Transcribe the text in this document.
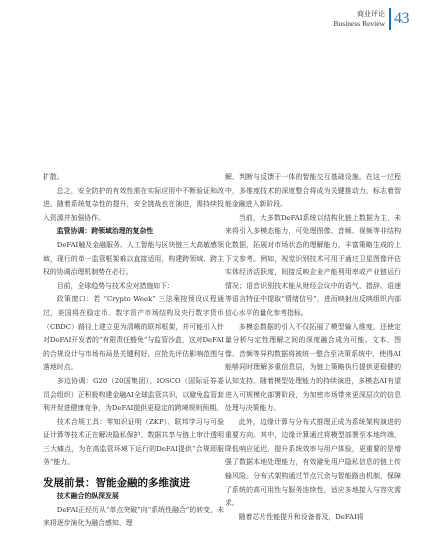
商业评论
Business Review 43

扩散。

总之，安全防护的有效性需在实际应用中不断验证和改进。随着系统复杂性的提升，安全挑战也在演进，需持续投入资源并加强协作。

监管协调：跨领域治理的复杂性

DeFAI触及金融服务、人工智能与区块链三大高敏感领域，现行的单一监管框架难以直接适用，构建跨领域、跨主权的协调治理机制势在必行。

目前，全球趋势与技术应对措施如下：

政策窗口：若 “Crypto Week” 三法案按预设议程通过，美国将在稳定币、数字资产市场结构及央行数字货币（CBDC）路径上建立更为清晰的联邦框架，并可能引入针对DeFAI开发者的“有限责任豁免”与监管沙盒，这对DeFAI的合规设计与市场布局是关键利好，应抢先评估影响范围与落地时点。

多边协调：G20（20国集团）、IOSCO（国际证券委员会组织）正积极构建金融AI全球监管共识，以避免监管套利并促进健康竞争，为DeFAI提供更稳定的跨境规则预期。

技术合规工具：零知识证明（ZKP）、联邦学习与可验证计算等技术正在解决隐私保护、数据共享与链上审计透明三大痛点，为在高监管环境下运行的DeFAI提供“合规即服务”能力。

发展前景：智能金融的多维演进

技术融合的纵深发展

DeFAI正经历从“单点突破”向“系统性融合”的转变，未来将逐步演化为融合感知、理

解、判断与反馈于一体的智能交互基础设施。在这一过程中，多维度技术的深度整合将成为关键推动力，标志着智能金融进入新阶段。

当前，大多数DeFAI系统以结构化链上数据为主，未来将引入多模态能力，可处理图像、音频、视频等非结构化数据，拓展对市场状态的理解能力，丰富策略生成的上下文参考。例如，视觉识别技术可用于通过卫星图像评估实体经济活跃度，间接反映企业产能利用率或产业链运行情况；语音识别技术能从财经会议中的语气、措辞、语速等语言特征中提取“情绪信号”，进而映射出反映组织内部信心水平的量化参考指标。

多模态数据的引入不仅拓展了模型输入维度，还使定量分析与定性理解之间的深度融合成为可能。文本、图像、音频等异构数据将被统一整合至决策系统中，使得AI能够同时理解多重信息层，为链上策略执行提供更稳健的认知支持。随着模型处理能力的持续演进，多模态AI有望进入可规模化部署阶段，为加密市场带来更深层次的信息处理与决策能力。

此外，边缘计算与分布式推理正成为系统架构演进的重要方向。其中，边缘计算通过将模型部署至本地终端，降低响应延迟，提升系统效率与用户体验，更重要的是增强了数据本地处理能力，有效避免用户隐私信息的链上传输风险。分布式架构通过节点冗余与智能路由机制，保障了系统的高可用性与服务连续性，适应多地接入与容灾需求。

随着芯片性能提升和设备普及，DeFAI将
